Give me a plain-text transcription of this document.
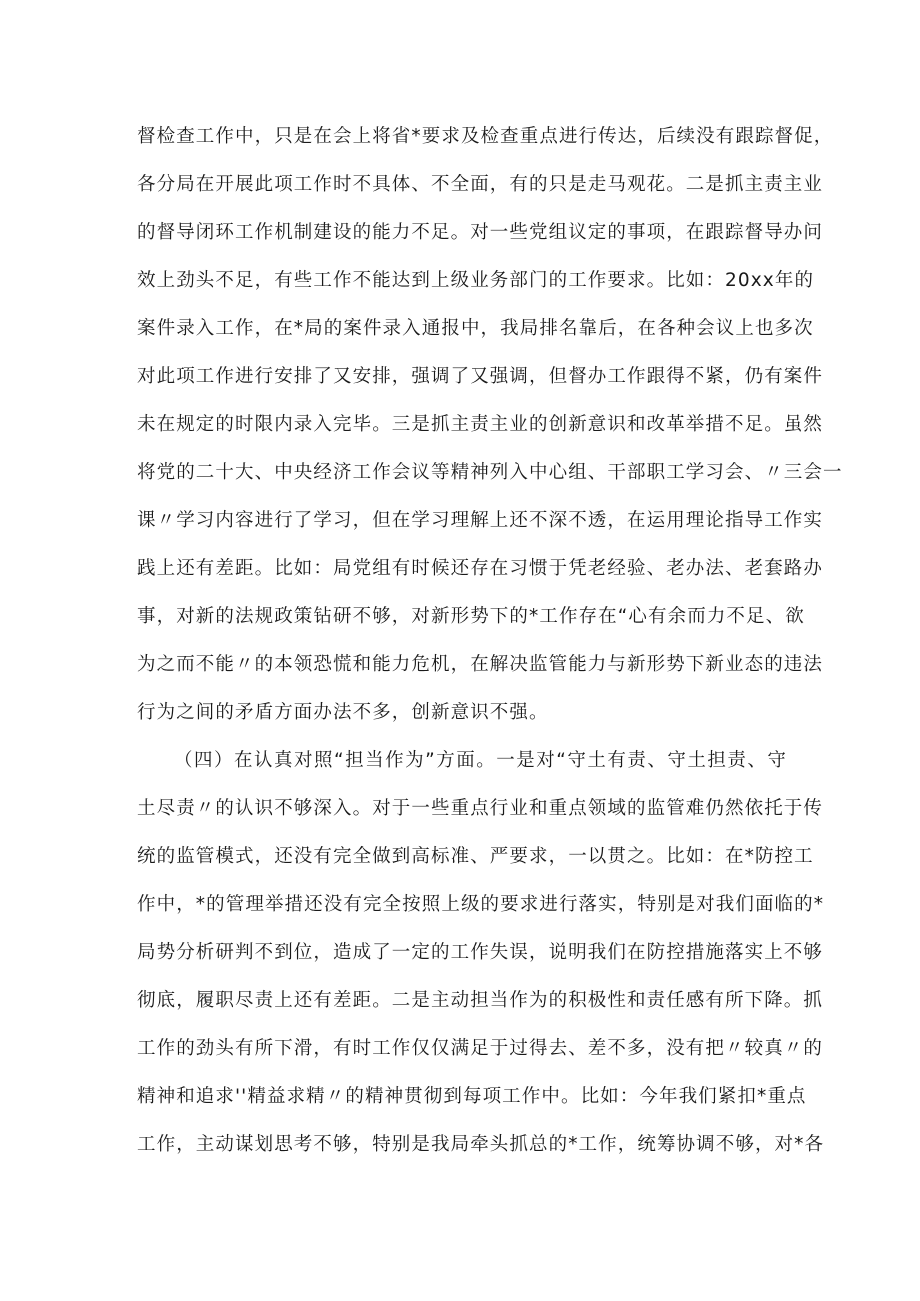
督检查工作中，只是在会上将省*要求及检查重点进行传达，后续没有跟踪督促，
各分局在开展此项工作时不具体、不全面，有的只是走马观花。二是抓主责主业
的督导闭环工作机制建设的能力不足。对一些党组议定的事项，在跟踪督导办问
效上劲头不足，有些工作不能达到上级业务部门的工作要求。比如：20xx年的
案件录入工作，在*局的案件录入通报中，我局排名靠后，在各种会议上也多次
对此项工作进行安排了又安排，强调了又强调，但督办工作跟得不紧，仍有案件
未在规定的时限内录入完毕。三是抓主责主业的创新意识和改革举措不足。虽然
将党的二十大、中央经济工作会议等精神列入中心组、干部职工学习会、〃三会一
课〃学习内容进行了学习，但在学习理解上还不深不透，在运用理论指导工作实
践上还有差距。比如：局党组有时候还存在习惯于凭老经验、老办法、老套路办
事，对新的法规政策钻研不够，对新形势下的*工作存在“心有余而力不足、欲
为之而不能〃的本领恐慌和能力危机，在解决监管能力与新形势下新业态的违法
行为之间的矛盾方面办法不多，创新意识不强。
（四）在认真对照“担当作为”方面。一是对“守土有责、守土担责、守
土尽责〃的认识不够深入。对于一些重点行业和重点领域的监管难仍然依托于传
统的监管模式，还没有完全做到高标准、严要求，一以贯之。比如：在*防控工
作中，*的管理举措还没有完全按照上级的要求进行落实，特别是对我们面临的*
局势分析研判不到位，造成了一定的工作失误，说明我们在防控措施落实上不够
彻底，履职尽责上还有差距。二是主动担当作为的积极性和责任感有所下降。抓
工作的劲头有所下滑，有时工作仅仅满足于过得去、差不多，没有把〃较真〃的
精神和追求''精益求精〃的精神贯彻到每项工作中。比如：今年我们紧扣*重点
工作，主动谋划思考不够，特别是我局牵头抓总的*工作，统筹协调不够，对*各
